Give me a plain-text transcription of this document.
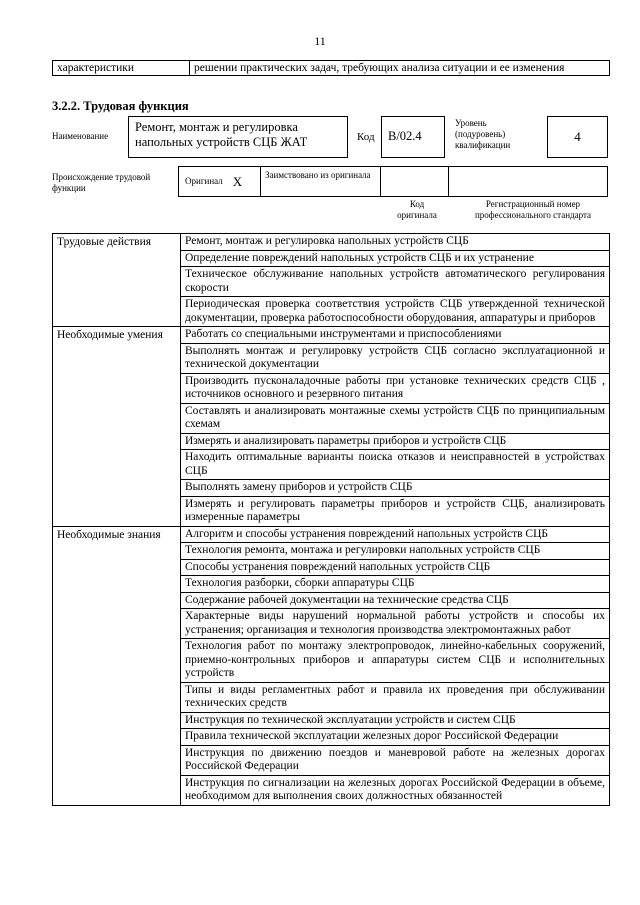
11
характеристики	решении практических задач, требующих анализа ситуации и ее изменения
3.2.2. Трудовая функция
Наименование
Ремонт, монтаж и регулировка напольных устройств СЦБ ЖАТ	Код	B/02.4
Уровень (подуровень) квалификации
4
Происхождение трудовой функции
Оригинал X	Заимствовано из оригинала
Код оригинала
Регистрационный номер профессионального стандарта
Трудовые действия	Ремонт, монтаж и регулировка напольных устройств СЦБ
Определение повреждений напольных устройств СЦБ и их устранение
Техническое обслуживание напольных устройств автоматического регулирования скорости
Периодическая проверка соответствия устройств СЦБ утвержденной технической документации, проверка работоспособности оборудования, аппаратуры и приборов
Необходимые умения	Работать со специальными инструментами и приспособлениями
Выполнять монтаж и регулировку устройств СЦБ согласно эксплуатационной и технической документации
Производить пусконаладочные работы при установке технических средств СЦБ , источников основного и резервного питания
Составлять и анализировать монтажные схемы устройств СЦБ по принципиальным схемам
Измерять и анализировать параметры приборов и устройств СЦБ
Находить оптимальные варианты поиска отказов и неисправностей в устройствах СЦБ
Выполнять замену приборов и устройств СЦБ
Измерять и регулировать параметры приборов и устройств СЦБ, анализировать измеренные параметры
Необходимые знания	Алгоритм и способы устранения повреждений напольных устройств СЦБ
Технология ремонта, монтажа и регулировки напольных устройств СЦБ
Способы устранения повреждений напольных устройств СЦБ
Технология разборки, сборки аппаратуры СЦБ
Содержание рабочей документации на технические средства СЦБ
Характерные виды нарушений нормальной работы устройств и способы их устранения; организация и технология производства электромонтажных работ
Технология работ по монтажу электропроводок, линейно-кабельных сооружений, приемно-контрольных приборов и аппаратуры систем СЦБ и исполнительных устройств
Типы и виды регламентных работ и правила их проведения при обслуживании технических средств
Инструкция по технической эксплуатации устройств и систем СЦБ
Правила технической эксплуатации железных дорог Российской Федерации
Инструкция по движению поездов и маневровой работе на железных дорогах Российской Федерации
Инструкция по сигнализации на железных дорогах Российской Федерации в объеме, необходимом для выполнения своих должностных обязанностей
